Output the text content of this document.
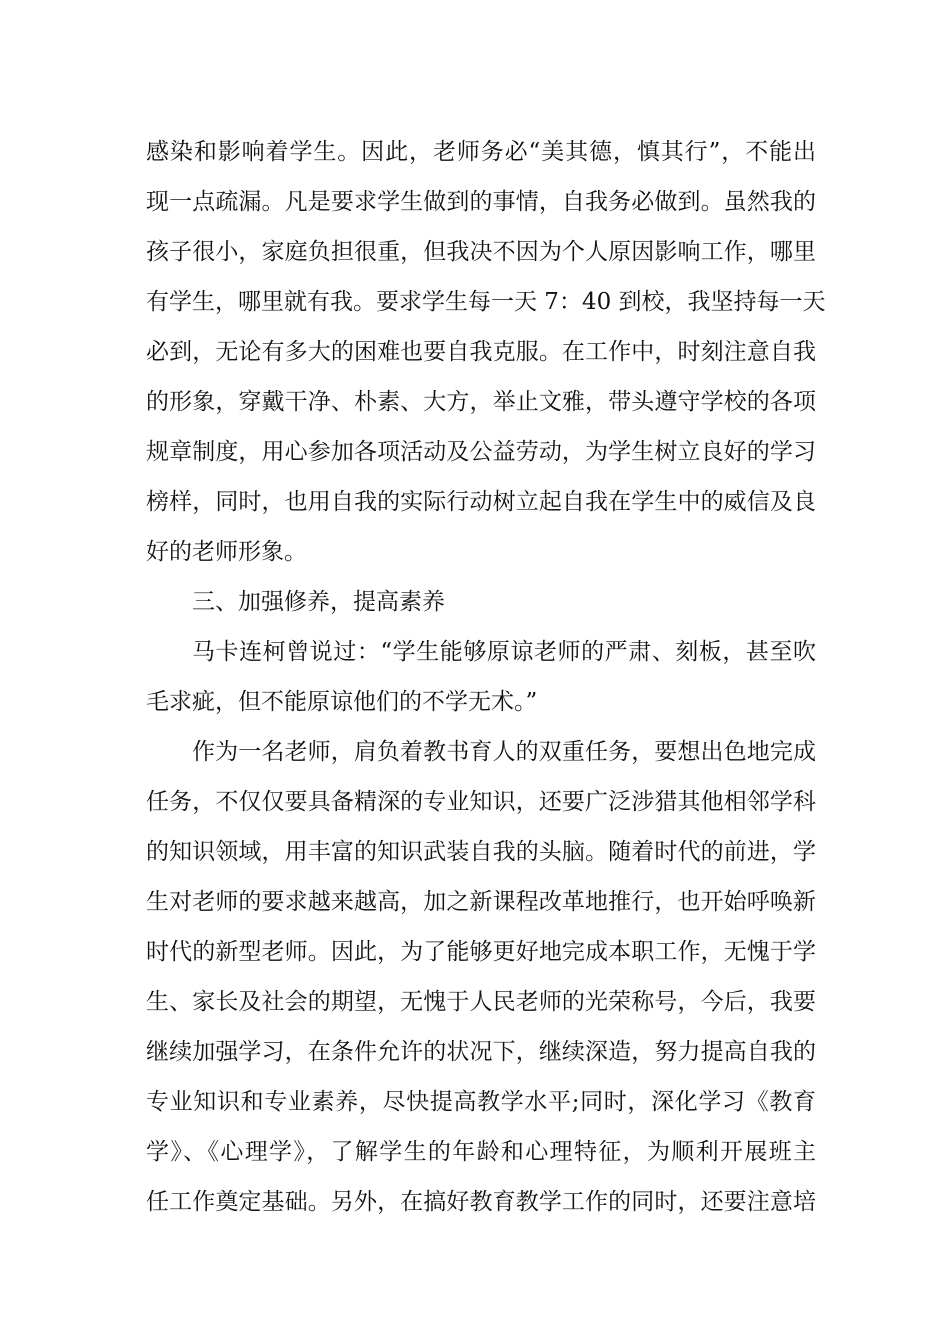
感染和影响着学生。因此，老师务必“美其德，慎其行”，不能出
现一点疏漏。凡是要求学生做到的事情，自我务必做到。虽然我的
孩子很小，家庭负担很重，但我决不因为个人原因影响工作，哪里
有学生，哪里就有我。要求学生每一天 7：40 到校，我坚持每一天
必到，无论有多大的困难也要自我克服。在工作中，时刻注意自我
的形象，穿戴干净、朴素、大方，举止文雅，带头遵守学校的各项
规章制度，用心参加各项活动及公益劳动，为学生树立良好的学习
榜样，同时，也用自我的实际行动树立起自我在学生中的威信及良
好的老师形象。
三、加强修养，提高素养
马卡连柯曾说过：“学生能够原谅老师的严肃、刻板，甚至吹
毛求疵，但不能原谅他们的不学无术。”
作为一名老师，肩负着教书育人的双重任务，要想出色地完成
任务，不仅仅要具备精深的专业知识，还要广泛涉猎其他相邻学科
的知识领域，用丰富的知识武装自我的头脑。随着时代的前进，学
生对老师的要求越来越高，加之新课程改革地推行，也开始呼唤新
时代的新型老师。因此，为了能够更好地完成本职工作，无愧于学
生、家长及社会的期望，无愧于人民老师的光荣称号，今后，我要
继续加强学习，在条件允许的状况下，继续深造，努力提高自我的
专业知识和专业素养，尽快提高教学水平;同时，深化学习《教育
学》、《心理学》，了解学生的年龄和心理特征，为顺利开展班主
任工作奠定基础。另外，在搞好教育教学工作的同时，还要注意培
